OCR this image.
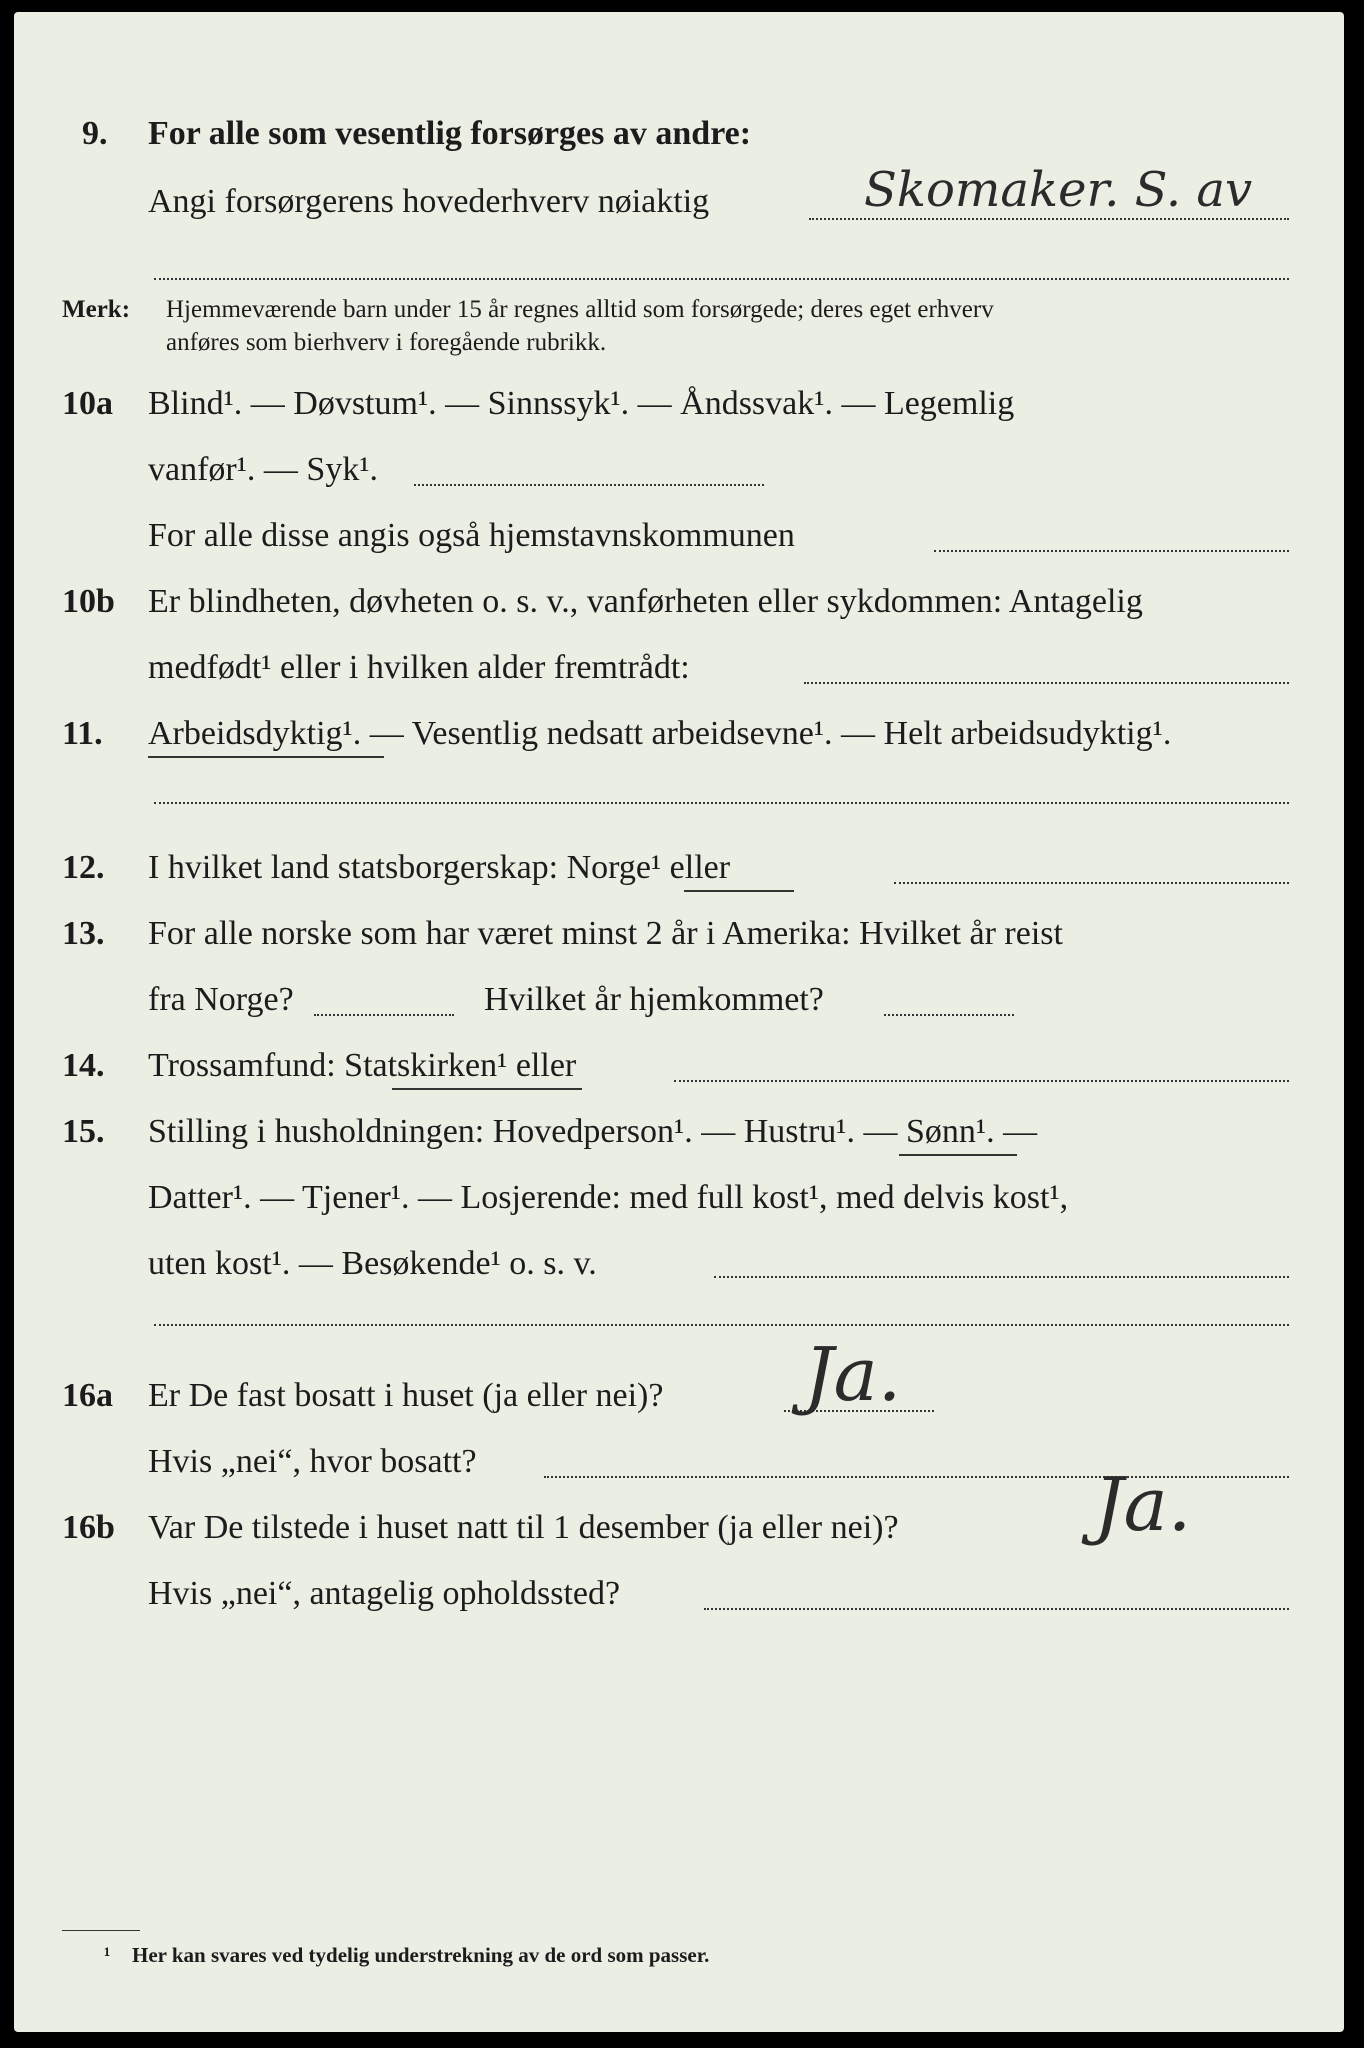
9. For alle som vesentlig forsørges av andre:
Angi forsørgerens hovederhverv nøiaktig	Skomaker. S. av
Merk: Hjemmeværende barn under 15 år regnes alltid som forsørgede; deres eget erhverv
anføres som bierhverv i foregående rubrikk.
10a Blind¹. — Døvstum¹. — Sinnssyk¹. — Åndssvak¹. — Legemlig
vanfør¹. — Syk¹.
For alle disse angis også hjemstavnskommunen
10b Er blindheten, døvheten o. s. v., vanførheten eller sykdommen: Antagelig
medfødt¹ eller i hvilken alder fremtrådt:
11. Arbeidsdyktig¹. — Vesentlig nedsatt arbeidsevne¹. — Helt arbeidsudyktig¹.
12. I hvilket land statsborgerskap: Norge¹ eller
13. For alle norske som har været minst 2 år i Amerika: Hvilket år reist
fra Norge?	Hvilket år hjemkommet?
14. Trossamfund: Statskirken¹ eller
15. Stilling i husholdningen: Hovedperson¹. — Hustru¹. — Sønn¹. —
Datter¹. — Tjener¹. — Losjerende: med full kost¹, med delvis kost¹,
uten kost¹. — Besøkende¹ o. s. v.
16a Er De fast bosatt i huset (ja eller nei)? Ja.
Hvis „nei“, hvor bosatt?
16b Var De tilstede i huset natt til 1 desember (ja eller nei)?	Ja.
Hvis „nei“, antagelig opholdssted?
¹ Her kan svares ved tydelig understrekning av de ord som passer.
